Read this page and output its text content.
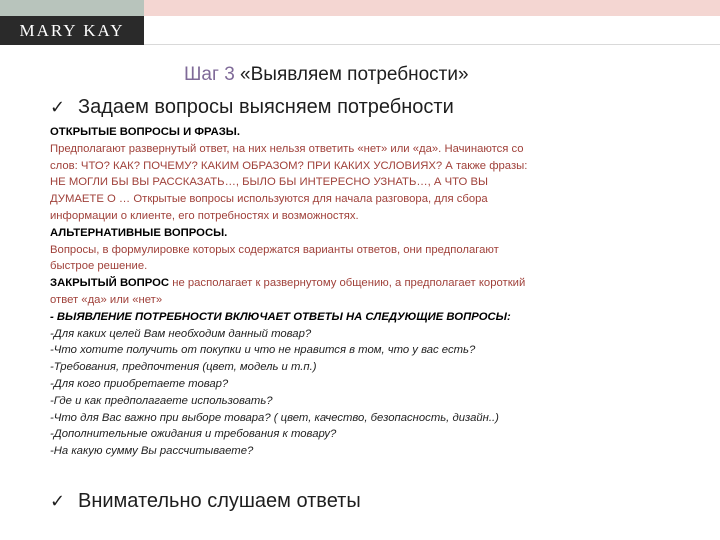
MARY KAY
Шаг 3 «Выявляем потребности»
✓ Задаем вопросы выясняем потребности
ОТКРЫТЫЕ ВОПРОСЫ И ФРАЗЫ.
Предполагают развернутый ответ, на них нельзя ответить «нет» или «да». Начинаются со
слов: ЧТО? КАК? ПОЧЕМУ? КАКИМ ОБРАЗОМ? ПРИ КАКИХ УСЛОВИЯХ? А также фразы:
НЕ МОГЛИ БЫ ВЫ РАССКАЗАТЬ…, БЫЛО БЫ ИНТЕРЕСНО УЗНАТЬ…, А ЧТО ВЫ
ДУМАЕТЕ О … Открытые вопросы используются для начала разговора, для сбора
информации о клиенте, его потребностях и возможностях.
АЛЬТЕРНАТИВНЫЕ ВОПРОСЫ.
Вопросы, в формулировке которых содержатся варианты ответов, они предполагают
быстрое решение.
ЗАКРЫТЫЙ ВОПРОС не располагает к развернутому общению, а предполагает короткий
ответ «да» или «нет»
- ВЫЯВЛЕНИЕ ПОТРЕБНОСТИ ВКЛЮЧАЕТ ОТВЕТЫ НА СЛЕДУЮЩИЕ ВОПРОСЫ:
-Для каких целей Вам необходим данный товар?
-Что хотите получить от покупки и что не нравится в том, что у вас есть?
-Требования, предпочтения (цвет, модель и т.п.)
-Для кого приобретаете товар?
-Где и как предполагаете использовать?
-Что для Вас важно при выборе товара? ( цвет, качество, безопасность, дизайн..)
-Дополнительные ожидания и требования к товару?
-На какую сумму Вы рассчитываете?
✓ Внимательно слушаем ответы
